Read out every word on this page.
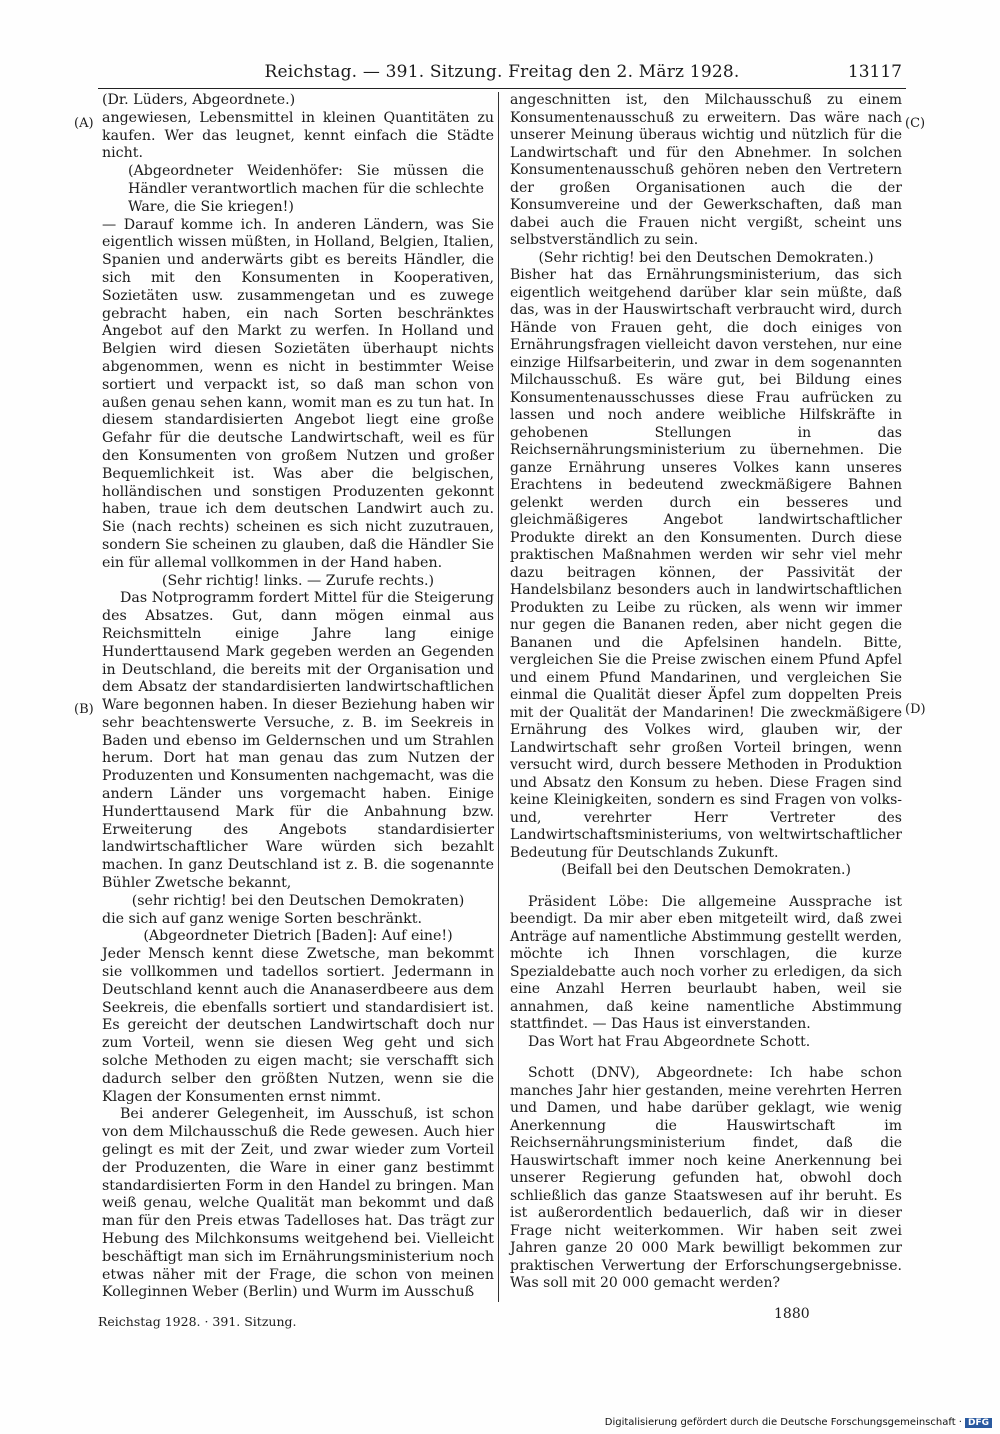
Reichstag. — 391. Sitzung. Freitag den 2. März 1928.	13117
(A)
(B)
(C)
(D)

(Dr. Lüders, Abgeordnete.)

angewiesen, Lebensmittel in kleinen Quantitäten zu kaufen. Wer das leugnet, kennt einfach die Städte nicht.

(Abgeordneter Weidenhöfer: Sie müssen die Händler verantwortlich machen für die schlechte Ware, die Sie kriegen!)

— Darauf komme ich. In anderen Ländern, was Sie eigentlich wissen müßten, in Holland, Belgien, Italien, Spanien und anderwärts gibt es bereits Händler, die sich mit den Konsumenten in Kooperativen, Sozietäten usw. zusammengetan und es zuwege gebracht haben, ein nach Sorten beschränktes Angebot auf den Markt zu werfen. In Holland und Belgien wird diesen Sozietäten überhaupt nichts abgenommen, wenn es nicht in bestimmter Weise sortiert und verpackt ist, so daß man schon von außen genau sehen kann, womit man es zu tun hat. In diesem standardisierten Angebot liegt eine große Gefahr für die deutsche Landwirtschaft, weil es für den Konsumenten von großem Nutzen und großer Bequemlichkeit ist. Was aber die belgischen, holländischen und sonstigen Produzenten gekonnt haben, traue ich dem deutschen Landwirt auch zu. Sie (nach rechts) scheinen es sich nicht zuzutrauen, sondern Sie scheinen zu glauben, daß die Händler Sie ein für allemal vollkommen in der Hand haben.

(Sehr richtig! links. — Zurufe rechts.)

Das Notprogramm fordert Mittel für die Steigerung des Absatzes. Gut, dann mögen einmal aus Reichsmitteln einige Jahre lang einige Hunderttausend Mark gegeben werden an Gegenden in Deutschland, die bereits mit der Organisation und dem Absatz der standardisierten landwirtschaftlichen Ware begonnen haben. In dieser Beziehung haben wir sehr beachtenswerte Versuche, z. B. im Seekreis in Baden und ebenso im Geldernschen und um Strahlen herum. Dort hat man genau das zum Nutzen der Produzenten und Konsumenten nachgemacht, was die andern Länder uns vorgemacht haben. Einige Hunderttausend Mark für die Anbahnung bzw. Erweiterung des Angebots standardisierter landwirtschaftlicher Ware würden sich bezahlt machen. In ganz Deutschland ist z. B. die sogenannte Bühler Zwetsche bekannt,

(sehr richtig! bei den Deutschen Demokraten)

die sich auf ganz wenige Sorten beschränkt.

(Abgeordneter Dietrich [Baden]: Auf eine!)

Jeder Mensch kennt diese Zwetsche, man bekommt sie vollkommen und tadellos sortiert. Jedermann in Deutschland kennt auch die Ananaserdbeere aus dem Seekreis, die ebenfalls sortiert und standardisiert ist. Es gereicht der deutschen Landwirtschaft doch nur zum Vorteil, wenn sie diesen Weg geht und sich solche Methoden zu eigen macht; sie verschafft sich dadurch selber den größten Nutzen, wenn sie die Klagen der Konsumenten ernst nimmt.

Bei anderer Gelegenheit, im Ausschuß, ist schon von dem Milchausschuß die Rede gewesen. Auch hier gelingt es mit der Zeit, und zwar wieder zum Vorteil der Produzenten, die Ware in einer ganz bestimmt standardisierten Form in den Handel zu bringen. Man weiß genau, welche Qualität man bekommt und daß man für den Preis etwas Tadelloses hat. Das trägt zur Hebung des Milchkonsums weitgehend bei. Vielleicht beschäftigt man sich im Ernährungsministerium noch etwas näher mit der Frage, die schon von meinen Kolleginnen Weber (Berlin) und Wurm im Ausschuß

angeschnitten ist, den Milchausschuß zu einem Konsumentenausschuß zu erweitern. Das wäre nach unserer Meinung überaus wichtig und nützlich für die Landwirtschaft und für den Abnehmer. In solchen Konsumentenausschuß gehören neben den Vertretern der großen Organisationen auch die der Konsumvereine und der Gewerkschaften, daß man dabei auch die Frauen nicht vergißt, scheint uns selbstverständlich zu sein.

(Sehr richtig! bei den Deutschen Demokraten.)

Bisher hat das Ernährungsministerium, das sich eigentlich weitgehend darüber klar sein müßte, daß das, was in der Hauswirtschaft verbraucht wird, durch Hände von Frauen geht, die doch einiges von Ernährungsfragen vielleicht davon verstehen, nur eine einzige Hilfsarbeiterin, und zwar in dem sogenannten Milchausschuß. Es wäre gut, bei Bildung eines Konsumentenausschusses diese Frau aufrücken zu lassen und noch andere weibliche Hilfskräfte in gehobenen Stellungen in das Reichsernährungsministerium zu übernehmen. Die ganze Ernährung unseres Volkes kann unseres Erachtens in bedeutend zweckmäßigere Bahnen gelenkt werden durch ein besseres und gleichmäßigeres Angebot landwirtschaftlicher Produkte direkt an den Konsumenten. Durch diese praktischen Maßnahmen werden wir sehr viel mehr dazu beitragen können, der Passivität der Handelsbilanz besonders auch in landwirtschaftlichen Produkten zu Leibe zu rücken, als wenn wir immer nur gegen die Bananen reden, aber nicht gegen die Bananen und die Apfelsinen handeln. Bitte, vergleichen Sie die Preise zwischen einem Pfund Apfel und einem Pfund Mandarinen, und vergleichen Sie einmal die Qualität dieser Äpfel zum doppelten Preis mit der Qualität der Mandarinen! Die zweckmäßigere Ernährung des Volkes wird, glauben wir, der Landwirtschaft sehr großen Vorteil bringen, wenn versucht wird, durch bessere Methoden in Produktion und Absatz den Konsum zu heben. Diese Fragen sind keine Kleinigkeiten, sondern es sind Fragen von volks- und, verehrter Herr Vertreter des Landwirtschaftsministeriums, von weltwirtschaftlicher Bedeutung für Deutschlands Zukunft.

(Beifall bei den Deutschen Demokraten.)

Präsident Löbe: Die allgemeine Aussprache ist beendigt. Da mir aber eben mitgeteilt wird, daß zwei Anträge auf namentliche Abstimmung gestellt werden, möchte ich Ihnen vorschlagen, die kurze Spezialdebatte auch noch vorher zu erledigen, da sich eine Anzahl Herren beurlaubt haben, weil sie annahmen, daß keine namentliche Abstimmung stattfindet. — Das Haus ist einverstanden.

Das Wort hat Frau Abgeordnete Schott.

Schott (DNV), Abgeordnete: Ich habe schon manches Jahr hier gestanden, meine verehrten Herren und Damen, und habe darüber geklagt, wie wenig Anerkennung die Hauswirtschaft im Reichsernährungsministerium findet, daß die Hauswirtschaft immer noch keine Anerkennung bei unserer Regierung gefunden hat, obwohl doch schließlich das ganze Staatswesen auf ihr beruht. Es ist außerordentlich bedauerlich, daß wir in dieser Frage nicht weiterkommen. Wir haben seit zwei Jahren ganze 20 000 Mark bewilligt bekommen zur praktischen Verwertung der Erforschungsergebnisse. Was soll mit 20 000 gemacht werden?

Reichstag 1928. · 391. Sitzung.	1880
Digitalisierung gefördert durch die Deutsche Forschungsgemeinschaft · DFG
